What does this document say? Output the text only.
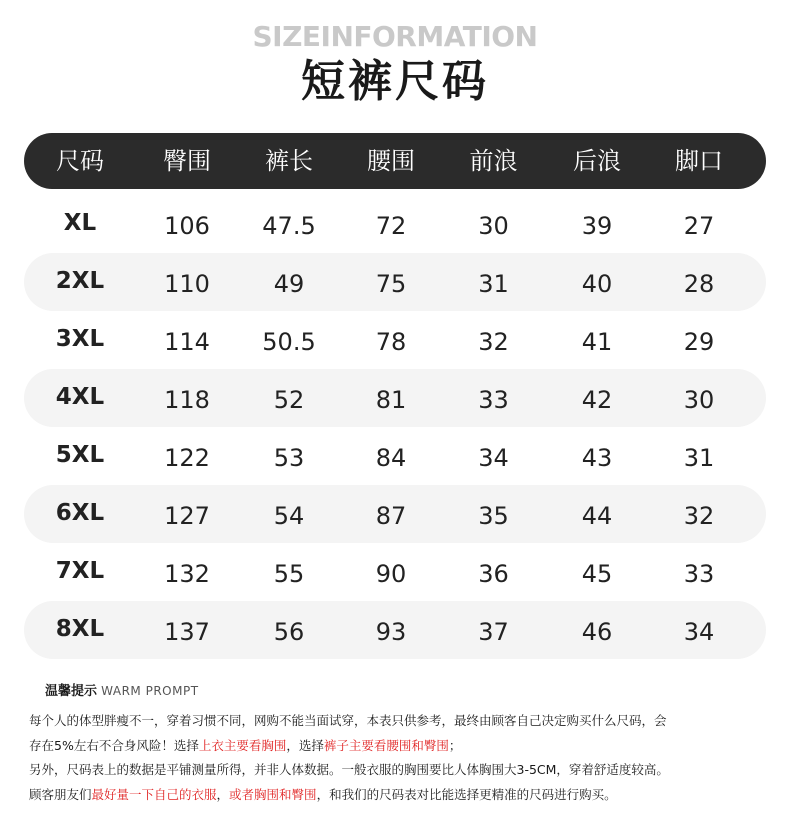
SIZEINFORMATION
短裤尺码
尺码	臀围	裤长	腰围	前浪	后浪	脚口
XL	106	47.5	72	30	39	27
2XL	110	49	75	31	40	28
3XL	114	50.5	78	32	41	29
4XL	118	52	81	33	42	30
5XL	122	53	84	34	43	31
6XL	127	54	87	35	44	32
7XL	132	55	90	36	45	33
8XL	137	56	93	37	46	34
温馨提示 WARM PROMPT
每个人的体型胖瘦不一，穿着习惯不同，网购不能当面试穿，本表只供参考，最终由顾客自己决定购买什么尺码，会
存在5%左右不合身风险！选择上衣主要看胸围，选择裤子主要看腰围和臀围；
另外，尺码表上的数据是平铺测量所得，并非人体数据。一般衣服的胸围要比人体胸围大3-5CM，穿着舒适度较高。
顾客朋友们最好量一下自己的衣服，或者胸围和臀围，和我们的尺码表对比能选择更精准的尺码进行购买。
